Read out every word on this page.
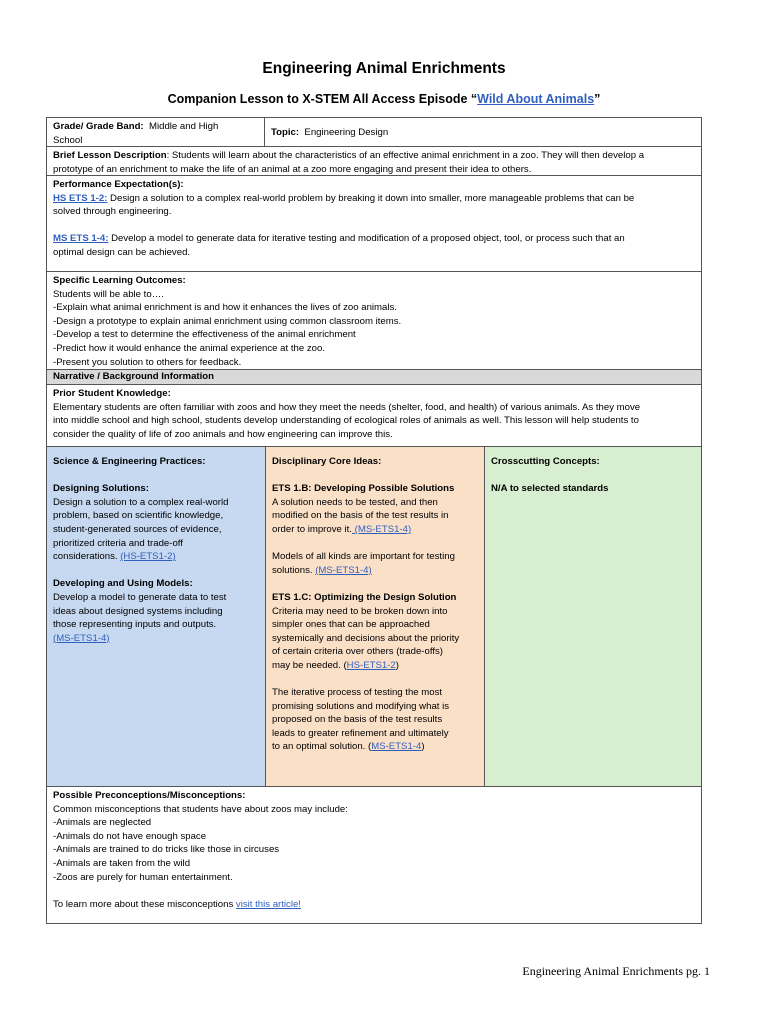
Engineering Animal Enrichments
Companion Lesson to X-STEM All Access Episode “Wild About Animals”
Grade/ Grade Band: Middle and High
School
Topic: Engineering Design
Brief Lesson Description: Students will learn about the characteristics of an effective animal enrichment in a zoo. They will then develop a
prototype of an enrichment to make the life of an animal at a zoo more engaging and present their idea to others.
Performance Expectation(s):
HS ETS 1-2: Design a solution to a complex real-world problem by breaking it down into smaller, more manageable problems that can be
solved through engineering.

MS ETS 1-4: Develop a model to generate data for iterative testing and modification of a proposed object, tool, or process such that an
optimal design can be achieved.
Specific Learning Outcomes:
Students will be able to….
-Explain what animal enrichment is and how it enhances the lives of zoo animals.
-Design a prototype to explain animal enrichment using common classroom items.
-Develop a test to determine the effectiveness of the animal enrichment
-Predict how it would enhance the animal experience at the zoo.
-Present you solution to others for feedback.
Narrative / Background Information
Prior Student Knowledge:
Elementary students are often familiar with zoos and how they meet the needs (shelter, food, and health) of various animals. As they move
into middle school and high school, students develop understanding of ecological roles of animals as well. This lesson will help students to
consider the quality of life of zoo animals and how engineering can improve this.
Science & Engineering Practices:

Designing Solutions:
Design a solution to a complex real-world
problem, based on scientific knowledge,
student-generated sources of evidence,
prioritized criteria and trade-off
considerations. (HS-ETS1-2)

Developing and Using Models:
Develop a model to generate data to test
ideas about designed systems including
those representing inputs and outputs.
(MS-ETS1-4)
Disciplinary Core Ideas:

ETS 1.B: Developing Possible Solutions
A solution needs to be tested, and then
modified on the basis of the test results in
order to improve it. (MS-ETS1-4)

Models of all kinds are important for testing
solutions. (MS-ETS1-4)

ETS 1.C: Optimizing the Design Solution
Criteria may need to be broken down into
simpler ones that can be approached
systemically and decisions about the priority
of certain criteria over others (trade-offs)
may be needed. (HS-ETS1-2)

The iterative process of testing the most
promising solutions and modifying what is
proposed on the basis of the test results
leads to greater refinement and ultimately
to an optimal solution. (MS-ETS1-4)
Crosscutting Concepts:

N/A to selected standards
Possible Preconceptions/Misconceptions:
Common misconceptions that students have about zoos may include:
-Animals are neglected
-Animals do not have enough space
-Animals are trained to do tricks like those in circuses
-Animals are taken from the wild
-Zoos are purely for human entertainment.

To learn more about these misconceptions visit this article!
Engineering Animal Enrichments pg. 1
